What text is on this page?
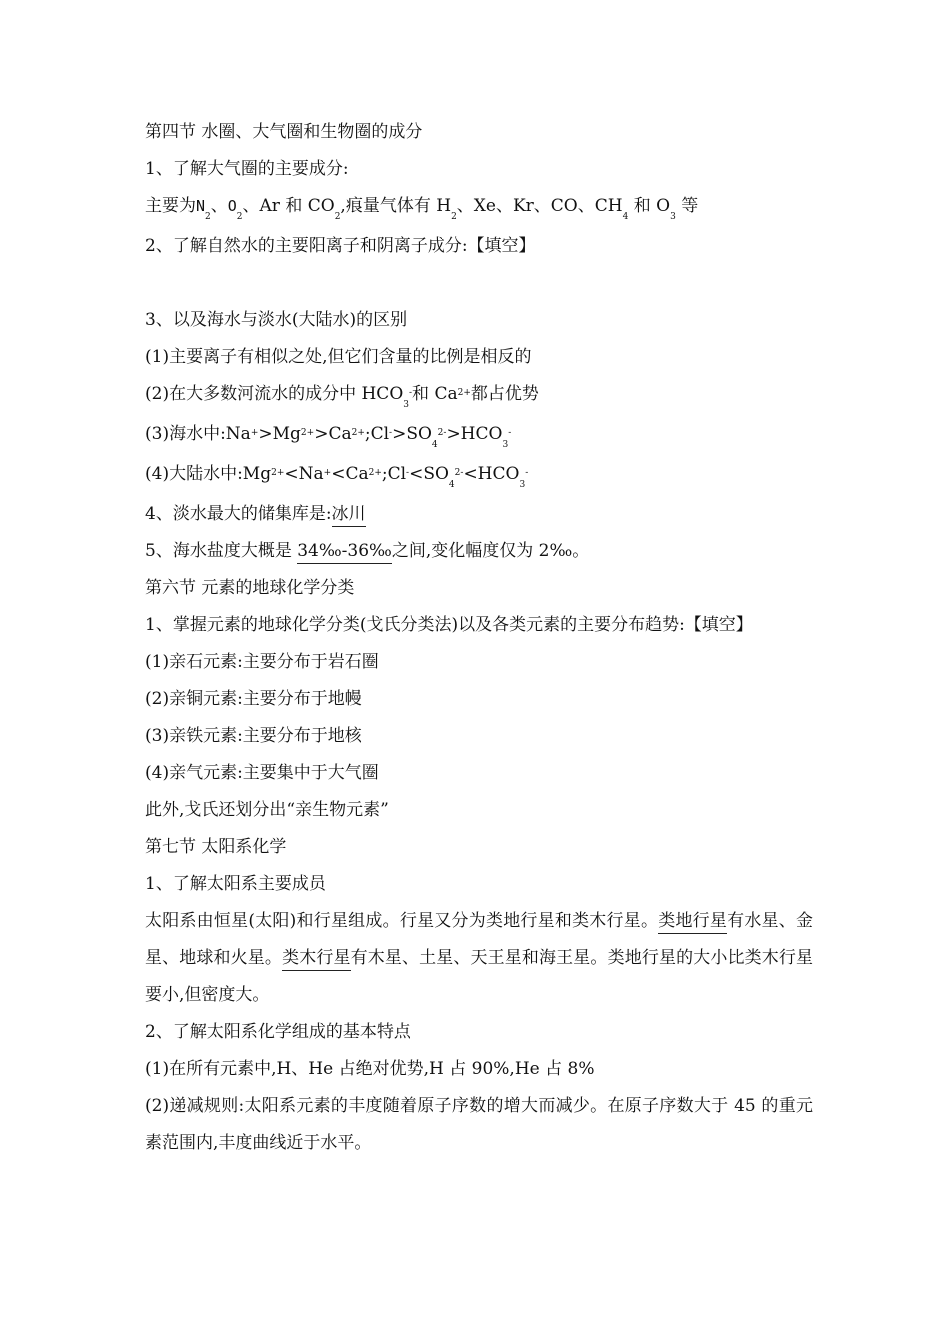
第四节 水圈、大气圈和生物圈的成分
1、了解大气圈的主要成分:
主要为$N_2$、$O_2$、Ar 和 $CO_2$,痕量气体有 $H_2$、Xe、Kr、CO、$CH_4$ 和 $O_3$ 等
2、了解自然水的主要阳离子和阴离子成分:【填空】
3、以及海水与淡水(大陆水)的区别
(1)主要离子有相似之处,但它们含量的比例是相反的
(2)在大多数河流水的成分中 $HCO_3^-$和 $Ca^{2+}$都占优势
(3)海水中$:Na^+>Mg^{2+}>Ca^{2+};Cl^->SO_4^{2-}>HCO_3^-$
(4)大陆水中$:Mg^{2+}<Na^+<Ca^{2+};Cl^-<SO_4^{2-}<HCO_3^-$
4、淡水最大的储集库是:冰川
5、海水盐度大概是 34‰-36‰之间,变化幅度仅为 2‰。
第六节 元素的地球化学分类
1、掌握元素的地球化学分类(戈氏分类法)以及各类元素的主要分布趋势:【填空】
(1)亲石元素:主要分布于岩石圈
(2)亲铜元素:主要分布于地幔
(3)亲铁元素:主要分布于地核
(4)亲气元素:主要集中于大气圈
此外,戈氏还划分出“亲生物元素”
第七节 太阳系化学
1、了解太阳系主要成员
太阳系由恒星(太阳)和行星组成。行星又分为类地行星和类木行星。类地行星有水星、金星、地球和火星。类木行星有木星、土星、天王星和海王星。类地行星的大小比类木行星要小,但密度大。
2、了解太阳系化学组成的基本特点
(1)在所有元素中,H、He 占绝对优势,H 占 90%,He 占 8%
(2)递减规则:太阳系元素的丰度随着原子序数的增大而减少。在原子序数大于 45 的重元素范围内,丰度曲线近于水平。
